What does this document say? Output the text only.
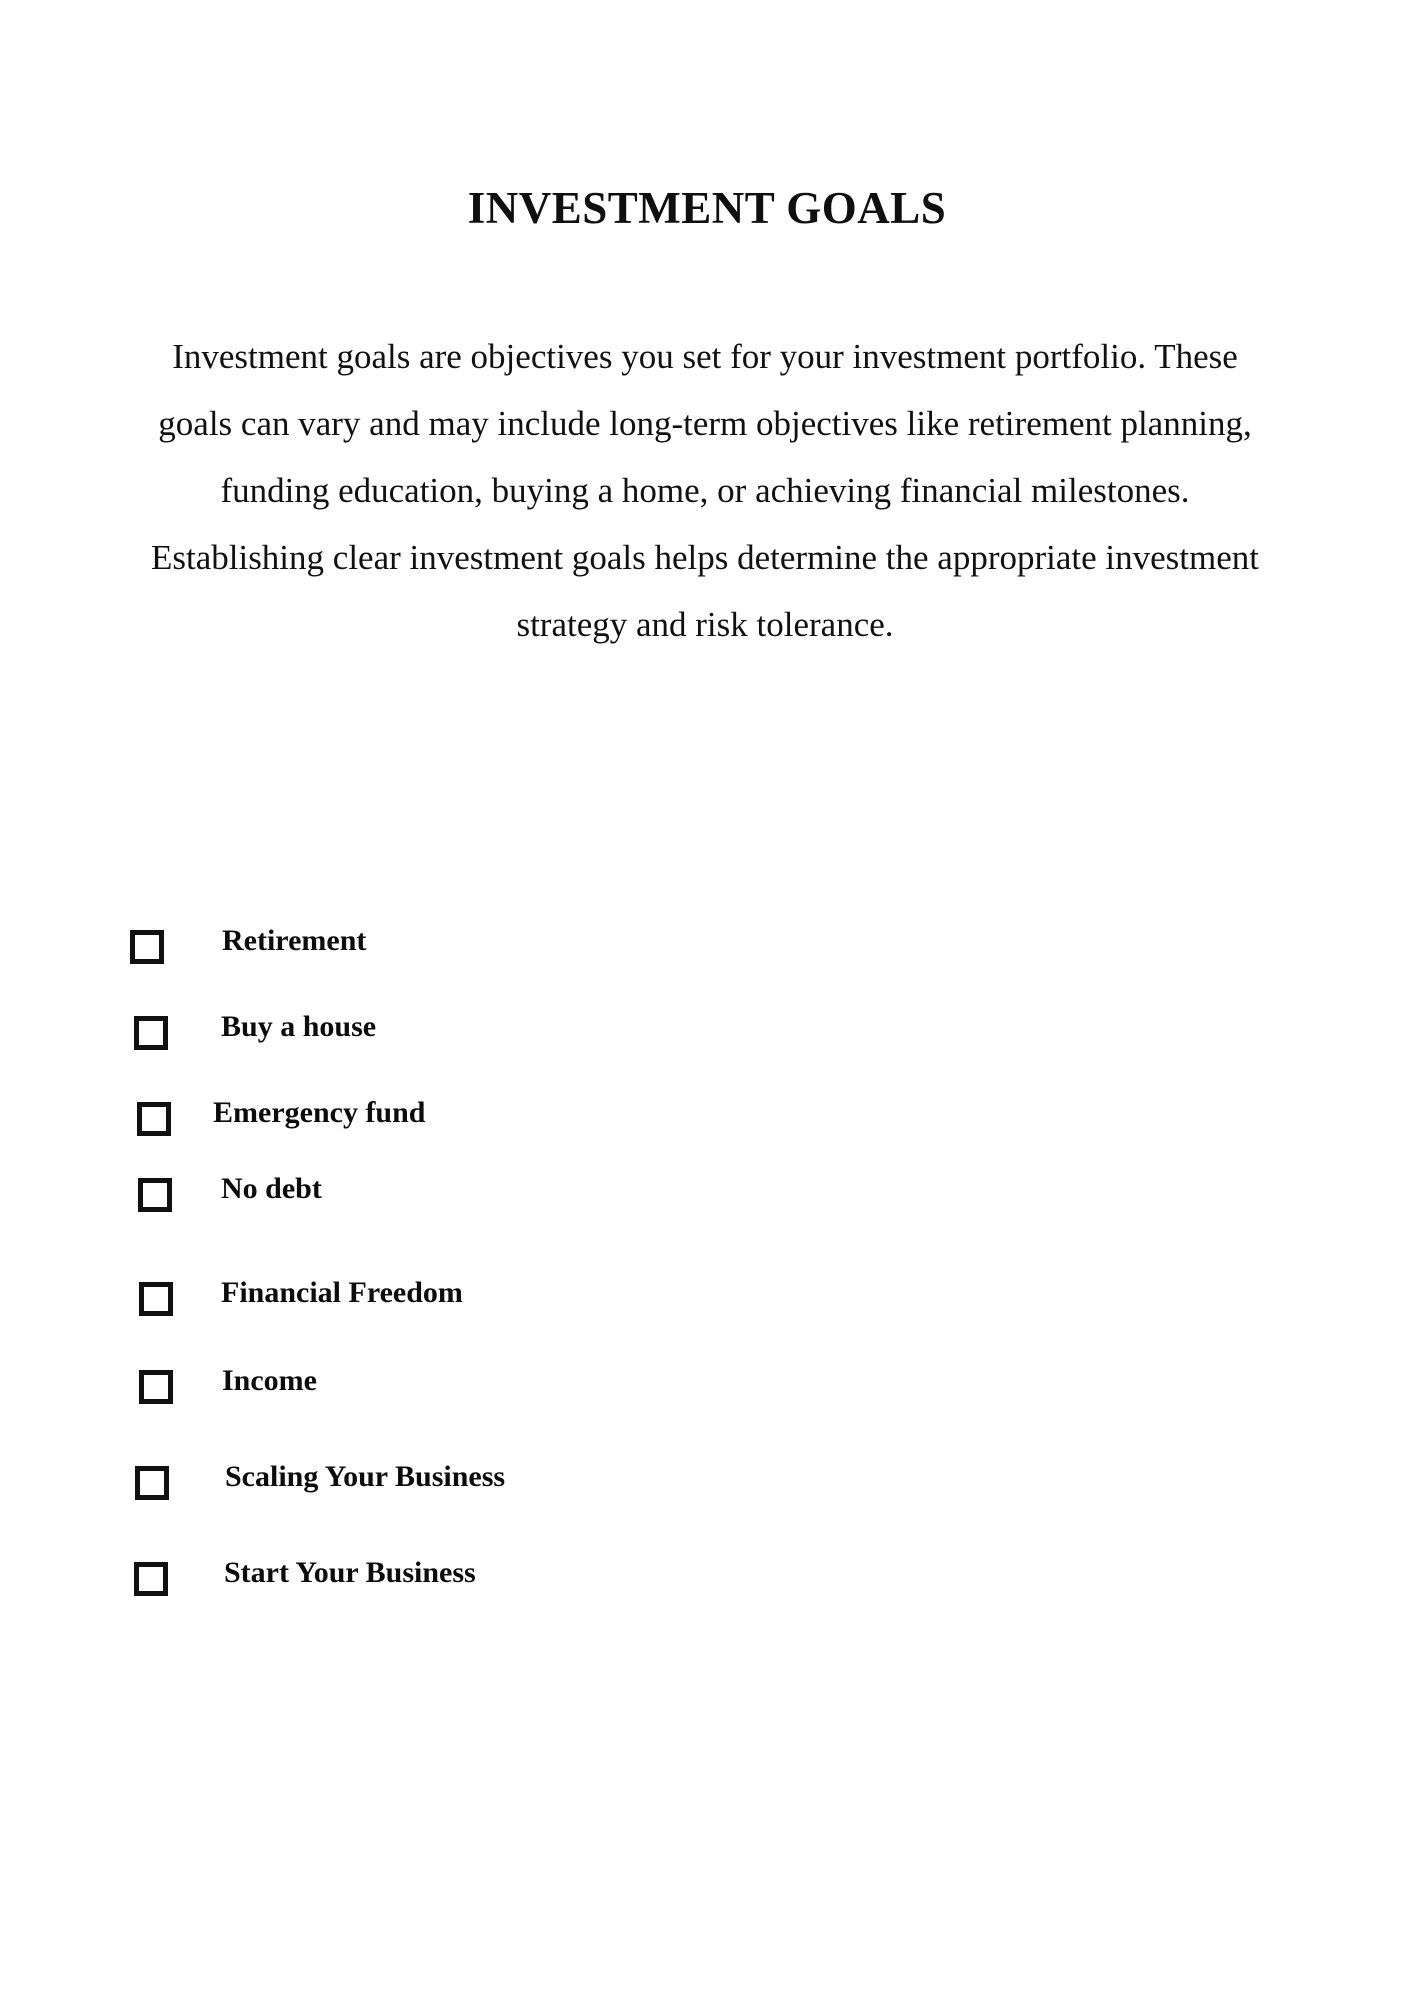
INVESTMENT GOALS

Investment goals are objectives you set for your investment portfolio. These goals can vary and may include long-term objectives like retirement planning, funding education, buying a home, or achieving financial milestones. Establishing clear investment goals helps determine the appropriate investment strategy and risk tolerance.

Retirement
Buy a house
Emergency fund
No debt
Financial Freedom
Income
Scaling Your Business
Start Your Business
